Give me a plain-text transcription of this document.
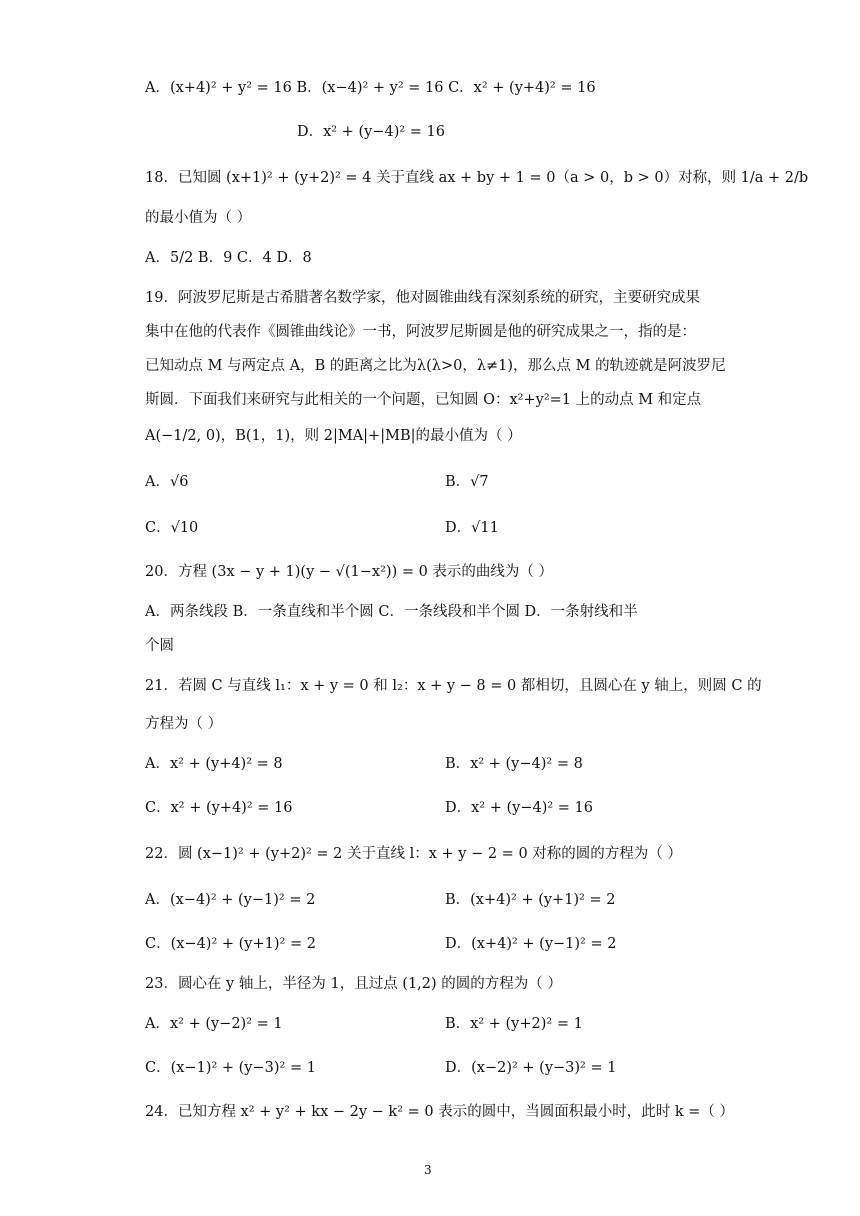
A．(x+4)² + y² = 16 B．(x−4)² + y² = 16 C．x² + (y+4)² = 16
D．x² + (y−4)² = 16
18．已知圆 (x+1)² + (y+2)² = 4 关于直线 ax + by + 1 = 0（a > 0，b > 0）对称，则 1/a + 2/b
的最小值为（ ）
A．5/2 B．9 C．4 D．8
19．阿波罗尼斯是古希腊著名数学家，他对圆锥曲线有深刻系统的研究，主要研究成果
集中在他的代表作《圆锥曲线论》一书，阿波罗尼斯圆是他的研究成果之一，指的是：
已知动点 M 与两定点 A，B 的距离之比为λ(λ>0，λ≠1)，那么点 M 的轨迹就是阿波罗尼
斯圆．下面我们来研究与此相关的一个问题，已知圆 O：x²+y²=1 上的动点 M 和定点
A(−1/2, 0)，B(1，1)，则 2|MA|+|MB|的最小值为（ ）
A．√6	B．√7
C．√10	D．√11
20．方程 (3x − y + 1)(y − √(1−x²)) = 0 表示的曲线为（ ）
A．两条线段 B．一条直线和半个圆 C．一条线段和半个圆 D．一条射线和半
个圆
21．若圆 C 与直线 l₁：x + y = 0 和 l₂：x + y − 8 = 0 都相切，且圆心在 y 轴上，则圆 C 的
方程为（ ）
A．x² + (y+4)² = 8	B．x² + (y−4)² = 8
C．x² + (y+4)² = 16	D．x² + (y−4)² = 16
22．圆 (x−1)² + (y+2)² = 2 关于直线 l：x + y − 2 = 0 对称的圆的方程为（ ）
A．(x−4)² + (y−1)² = 2	B．(x+4)² + (y+1)² = 2
C．(x−4)² + (y+1)² = 2	D．(x+4)² + (y−1)² = 2
23．圆心在 y 轴上，半径为 1，且过点 (1,2) 的圆的方程为（ ）
A．x² + (y−2)² = 1	B．x² + (y+2)² = 1
C．(x−1)² + (y−3)² = 1	D．(x−2)² + (y−3)² = 1
24．已知方程 x² + y² + kx − 2y − k² = 0 表示的圆中，当圆面积最小时，此时 k =（ ）
3
